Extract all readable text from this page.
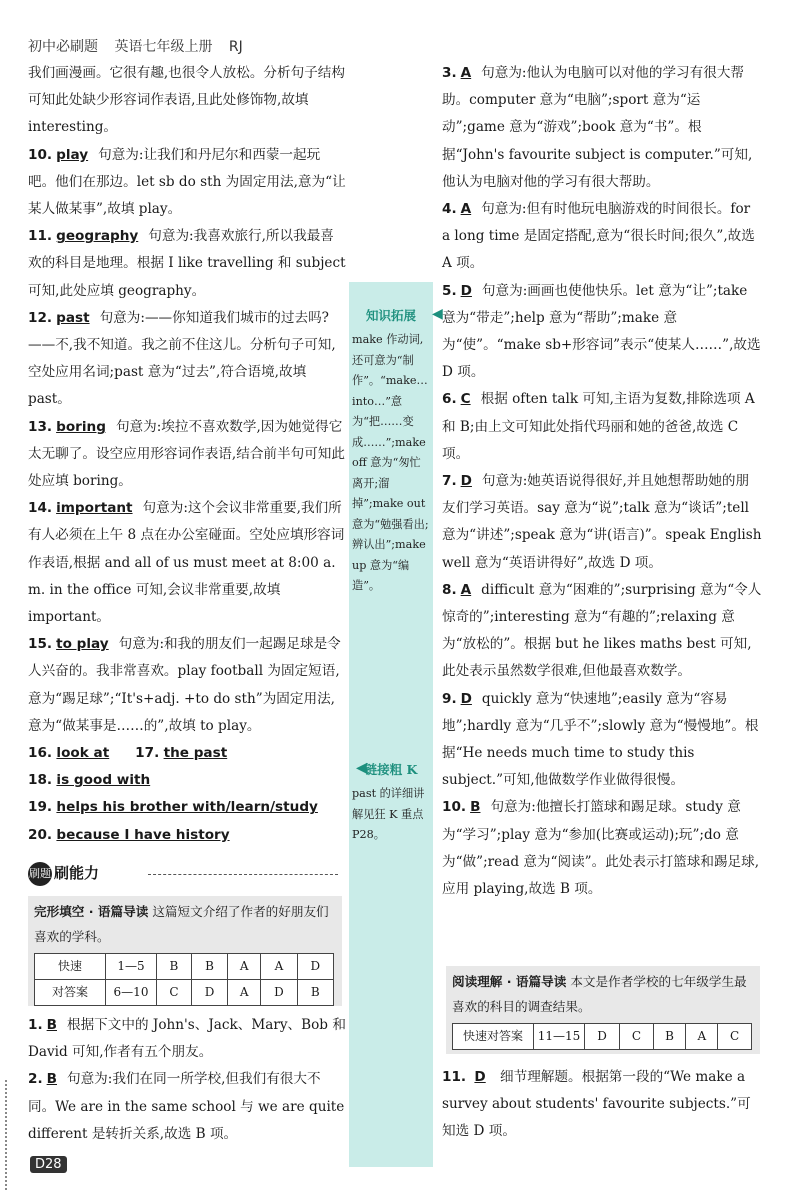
初中必刷题 英语七年级上册 RJ

我们画漫画。它很有趣,也很令人放松。分析句子结构可知此处缺少形容词作表语,且此处修饰物,故填 interesting。

10. play 句意为:让我们和丹尼尔和西蒙一起玩吧。他们在那边。let sb do sth 为固定用法,意为“让某人做某事”,故填 play。

11. geography 句意为:我喜欢旅行,所以我最喜欢的科目是地理。根据 I like travelling 和 subject 可知,此处应填 geography。

12. past 句意为:——你知道我们城市的过去吗?——不,我不知道。我之前不住这儿。分析句子可知,空处应用名词;past 意为“过去”,符合语境,故填 past。

13. boring 句意为:埃拉不喜欢数学,因为她觉得它太无聊了。设空应用形容词作表语,结合前半句可知此处应填 boring。

14. important 句意为:这个会议非常重要,我们所有人必须在上午 8 点在办公室碰面。空处应填形容词作表语,根据 and all of us must meet at 8:00 a. m. in the office 可知,会议非常重要,故填 important。

15. to play 句意为:和我的朋友们一起踢足球是令人兴奋的。我非常喜欢。play football 为固定短语,意为“踢足球”;“It's+adj. +to do sth”为固定用法,意为“做某事是……的”,故填 to play。

16. look at 17. the past

18. is good with

19. helps his brother with/learn/study

20. because I have history

刷题 刷能力
完形填空 · 语篇导读 这篇短文介绍了作者的好朋友们喜欢的学科。
快速	1—5	B	B	A	A	D
对答案	6—10	C	D	A	D	B

1. B 根据下文中的 John's、Jack、Mary、Bob 和 David 可知,作者有五个朋友。

2. B 句意为:我们在同一所学校,但我们有很大不同。We are in the same school 与 we are quite different 是转折关系,故选 B 项。

◀
知识拓展
make 作动词,还可意为“制作”。“make… into…”意为“把……变成……”;make off 意为“匆忙离开;溜掉”;make out 意为“勉强看出;辨认出”;make up 意为“编造”。
◀
链接粗 K
past 的详细讲解见狂 K 重点 P28。

3. A 句意为:他认为电脑可以对他的学习有很大帮助。computer 意为“电脑”;sport 意为“运动”;game 意为“游戏”;book 意为“书”。根据“John's favourite subject is computer.”可知,他认为电脑对他的学习有很大帮助。

4. A 句意为:但有时他玩电脑游戏的时间很长。for a long time 是固定搭配,意为“很长时间;很久”,故选 A 项。

5. D 句意为:画画也使他快乐。let 意为“让”;take 意为“带走”;help 意为“帮助”;make 意为“使”。“make sb+形容词”表示“使某人……”,故选 D 项。

6. C 根据 often talk 可知,主语为复数,排除选项 A 和 B;由上文可知此处指代玛丽和她的爸爸,故选 C 项。

7. D 句意为:她英语说得很好,并且她想帮助她的朋友们学习英语。say 意为“说”;talk 意为“谈话”;tell 意为“讲述”;speak 意为“讲(语言)”。speak English well 意为“英语讲得好”,故选 D 项。

8. A difficult 意为“困难的”;surprising 意为“令人惊奇的”;interesting 意为“有趣的”;relaxing 意为“放松的”。根据 but he likes maths best 可知,此处表示虽然数学很难,但他最喜欢数学。

9. D quickly 意为“快速地”;easily 意为“容易地”;hardly 意为“几乎不”;slowly 意为“慢慢地”。根据“He needs much time to study this subject.”可知,他做数学作业做得很慢。

10. B 句意为:他擅长打篮球和踢足球。study 意为“学习”;play 意为“参加(比赛或运动);玩”;do 意为“做”;read 意为“阅读”。此处表示打篮球和踢足球,应用 playing,故选 B 项。

阅读理解 · 语篇导读 本文是作者学校的七年级学生最喜欢的科目的调查结果。
快速对答案	11—15	D	C	B	A	C

11. D 细节理解题。根据第一段的“We make a survey about students' favourite subjects.”可知选 D 项。

D28
